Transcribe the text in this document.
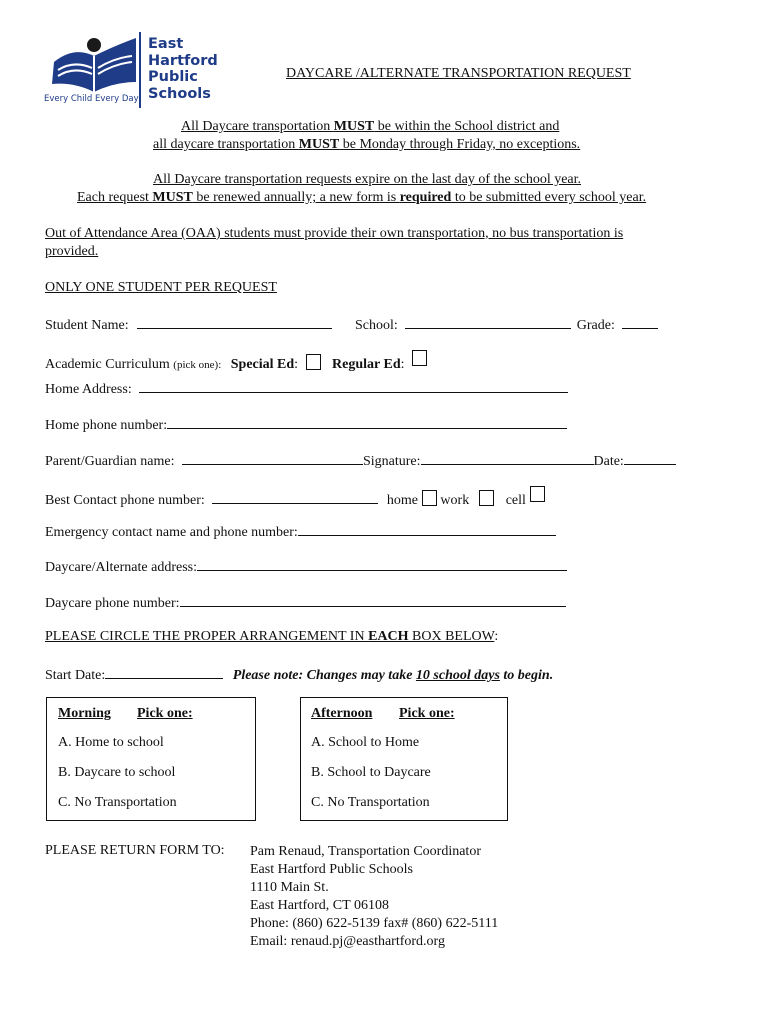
Every Child Every Day
East
Hartford
Public
Schools
DAYCARE /ALTERNATE TRANSPORTATION REQUEST
All Daycare transportation MUST be within the School district and
all daycare transportation MUST be Monday through Friday, no exceptions.
All Daycare transportation requests expire on the last day of the school year.
Each request MUST be renewed annually; a new form is required to be submitted every school year.
Out of Attendance Area (OAA) students must provide their own transportation, no bus transportation is
provided.
ONLY ONE STUDENT PER REQUEST
Student Name:	School:	Grade:
Academic Curriculum (pick one): Special Ed: Regular Ed:
Home Address:
Home phone number:
Parent/Guardian name:	Signature:	Date:
Best Contact phone number:	home work	cell
Emergency contact name and phone number:
Daycare/Alternate address:
Daycare phone number:
PLEASE CIRCLE THE PROPER ARRANGEMENT IN EACH BOX BELOW:
Start Date:	Please note: Changes may take 10 school days to begin.
Morning Pick one:
A. Home to school
B. Daycare to school
C. No Transportation
Afternoon Pick one:
A. School to Home
B. School to Daycare
C. No Transportation
PLEASE RETURN FORM TO: Pam Renaud, Transportation Coordinator
East Hartford Public Schools
1110 Main St.
East Hartford, CT 06108
Phone: (860) 622-5139 fax# (860) 622-5111
Email: renaud.pj@easthartford.org
